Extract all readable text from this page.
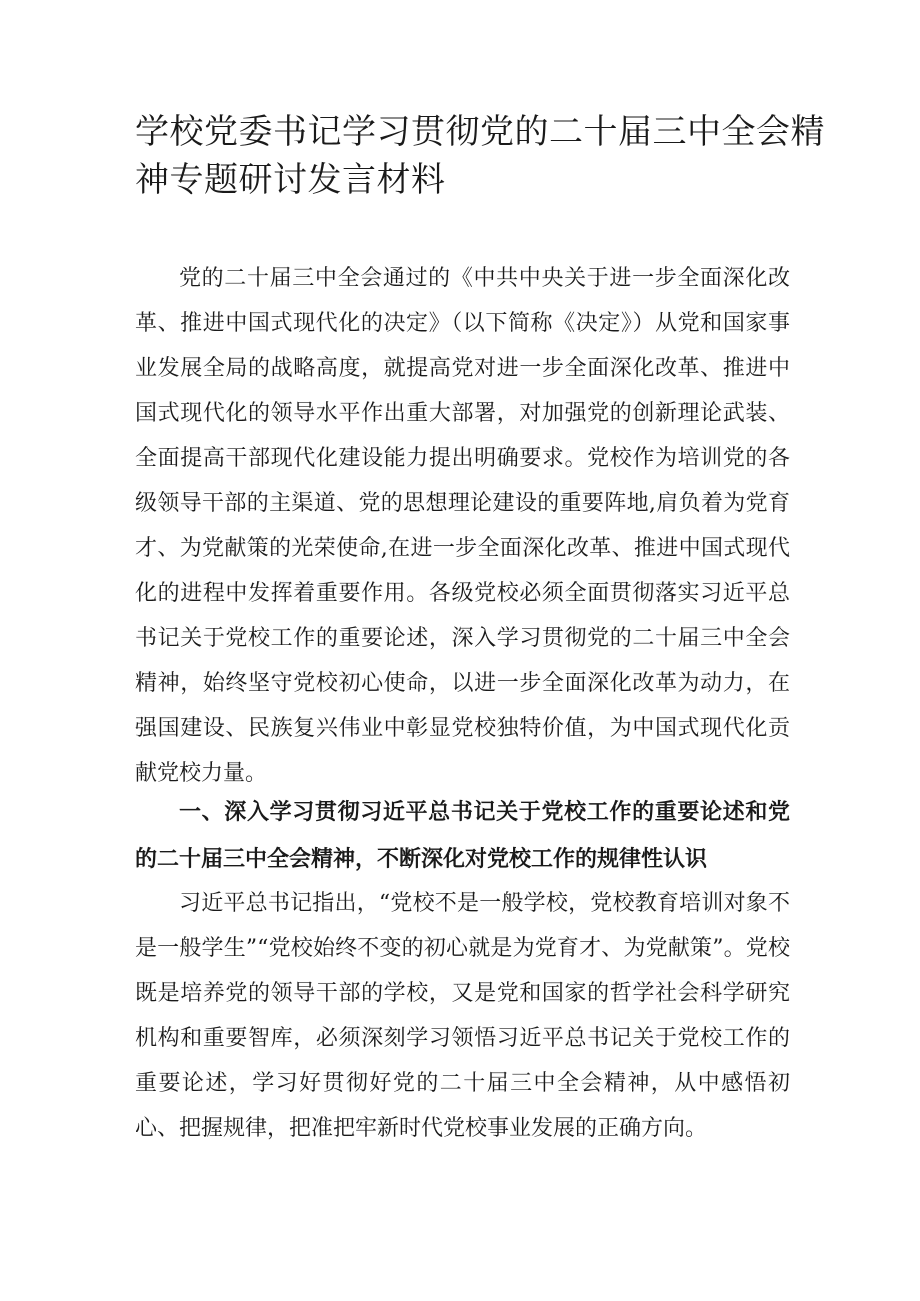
学校党委书记学习贯彻党的二十届三中全会精神专题研讨发言材料

党的二十届三中全会通过的《中共中央关于进一步全面深化改革、推进中国式现代化的决定》（以下简称《决定》）从党和国家事业发展全局的战略高度，就提高党对进一步全面深化改革、推进中国式现代化的领导水平作出重大部署，对加强党的创新理论武装、全面提高干部现代化建设能力提出明确要求。党校作为培训党的各级领导干部的主渠道、党的思想理论建设的重要阵地,肩负着为党育才、为党献策的光荣使命,在进一步全面深化改革、推进中国式现代化的进程中发挥着重要作用。各级党校必须全面贯彻落实习近平总书记关于党校工作的重要论述，深入学习贯彻党的二十届三中全会精神，始终坚守党校初心使命，以进一步全面深化改革为动力，在强国建设、民族复兴伟业中彰显党校独特价值，为中国式现代化贡献党校力量。

一、深入学习贯彻习近平总书记关于党校工作的重要论述和党的二十届三中全会精神，不断深化对党校工作的规律性认识

习近平总书记指出，“党校不是一般学校，党校教育培训对象不是一般学生”“党校始终不变的初心就是为党育才、为党献策”。党校既是培养党的领导干部的学校，又是党和国家的哲学社会科学研究机构和重要智库，必须深刻学习领悟习近平总书记关于党校工作的重要论述，学习好贯彻好党的二十届三中全会精神，从中感悟初心、把握规律，把准把牢新时代党校事业发展的正确方向。
